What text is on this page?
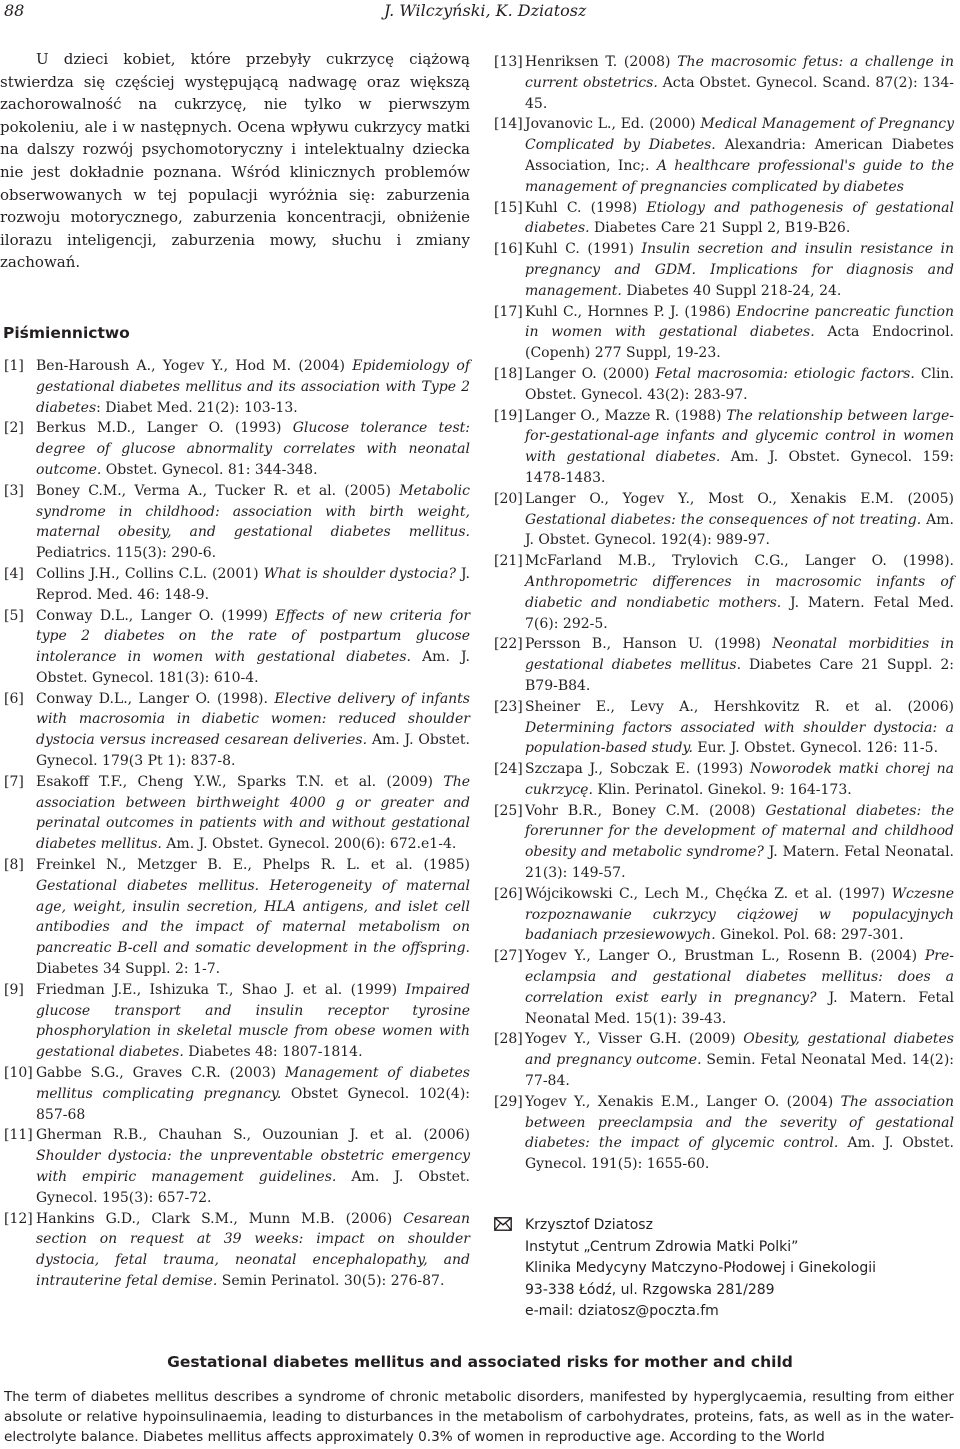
88	J. Wilczyński, K. Dziatosz

U dzieci kobiet, które przebyły cukrzycę ciążową stwierdza się częściej występującą nadwagę oraz większą zachorowalność na cukrzycę, nie tylko w pierwszym pokoleniu, ale i w następnych. Ocena wpływu cukrzycy matki na dalszy rozwój psychomotoryczny i intelektualny dziecka nie jest dokładnie poznana. Wśród klinicznych problemów obserwowanych w tej populacji wyróżnia się: zaburzenia rozwoju motorycznego, zaburzenia koncentracji, obniżenie ilorazu inteligencji, zaburzenia mowy, słuchu i zmiany zachowań.

Piśmiennictwo
[1] Ben-Haroush A., Yogev Y., Hod M. (2004) Epidemiology of gestational diabetes mellitus and its association with Type 2 diabetes: Diabet Med. 21(2): 103-13.
[2] Berkus M.D., Langer O. (1993) Glucose tolerance test: degree of glucose abnormality correlates with neonatal outcome. Obstet. Gynecol. 81: 344-348.
[3] Boney C.M., Verma A., Tucker R. et al. (2005) Metabolic syndrome in childhood: association with birth weight, maternal obesity, and gestational diabetes mellitus. Pediatrics. 115(3): 290-6.
[4] Collins J.H., Collins C.L. (2001) What is shoulder dystocia? J. Reprod. Med. 46: 148-9.
[5] Conway D.L., Langer O. (1999) Effects of new criteria for type 2 diabetes on the rate of postpartum glucose intolerance in women with gestational diabetes. Am. J. Obstet. Gynecol. 181(3): 610-4.
[6] Conway D.L., Langer O. (1998). Elective delivery of infants with macrosomia in diabetic women: reduced shoulder dystocia versus increased cesarean deliveries. Am. J. Obstet. Gynecol. 179(3 Pt 1): 837-8.
[7] Esakoff T.F., Cheng Y.W., Sparks T.N. et al. (2009) The association between birthweight 4000 g or greater and perinatal outcomes in patients with and without gestational diabetes mellitus. Am. J. Obstet. Gynecol. 200(6): 672.e1-4.
[8] Freinkel N., Metzger B. E., Phelps R. L. et al. (1985) Gestational diabetes mellitus. Heterogeneity of maternal age, weight, insulin secretion, HLA antigens, and islet cell antibodies and the impact of maternal metabolism on pancreatic B-cell and somatic development in the offspring. Diabetes 34 Suppl. 2: 1-7.
[9] Friedman J.E., Ishizuka T., Shao J. et al. (1999) Impaired glucose transport and insulin receptor tyrosine phosphorylation in skeletal muscle from obese women with gestational diabetes. Diabetes 48: 1807-1814.
[10] Gabbe S.G., Graves C.R. (2003) Management of diabetes mellitus complicating pregnancy. Obstet Gynecol. 102(4): 857-68
[11] Gherman R.B., Chauhan S., Ouzounian J. et al. (2006) Shoulder dystocia: the unpreventable obstetric emergency with empiric management guidelines. Am. J. Obstet. Gynecol. 195(3): 657-72.
[12] Hankins G.D., Clark S.M., Munn M.B. (2006) Cesarean section on request at 39 weeks: impact on shoulder dystocia, fetal trauma, neonatal encephalopathy, and intrauterine fetal demise. Semin Perinatol. 30(5): 276-87.
[13] Henriksen T. (2008) The macrosomic fetus: a challenge in current obstetrics. Acta Obstet. Gynecol. Scand. 87(2): 134-45.
[14] Jovanovic L., Ed. (2000) Medical Management of Pregnancy Complicated by Diabetes. Alexandria: American Diabetes Association, Inc;. A healthcare professional's guide to the management of pregnancies complicated by diabetes
[15] Kuhl C. (1998) Etiology and pathogenesis of gestational diabetes. Diabetes Care 21 Suppl 2, B19-B26.
[16] Kuhl C. (1991) Insulin secretion and insulin resistance in pregnancy and GDM. Implications for diagnosis and management. Diabetes 40 Suppl 218-24, 24.
[17] Kuhl C., Hornnes P. J. (1986) Endocrine pancreatic function in women with gestational diabetes. Acta Endocrinol. (Copenh) 277 Suppl, 19-23.
[18] Langer O. (2000) Fetal macrosomia: etiologic factors. Clin. Obstet. Gynecol. 43(2): 283-97.
[19] Langer O., Mazze R. (1988) The relationship between large-for-gestational-age infants and glycemic control in women with gestational diabetes. Am. J. Obstet. Gynecol. 159: 1478-1483.
[20] Langer O., Yogev Y., Most O., Xenakis E.M. (2005) Gestational diabetes: the consequences of not treating. Am. J. Obstet. Gynecol. 192(4): 989-97.
[21] McFarland M.B., Trylovich C.G., Langer O. (1998). Anthropometric differences in macrosomic infants of diabetic and nondiabetic mothers. J. Matern. Fetal Med. 7(6): 292-5.
[22] Persson B., Hanson U. (1998) Neonatal morbidities in gestational diabetes mellitus. Diabetes Care 21 Suppl. 2: B79-B84.
[23] Sheiner E., Levy A., Hershkovitz R. et al. (2006) Determining factors associated with shoulder dystocia: a population-based study. Eur. J. Obstet. Gynecol. 126: 11-5.
[24] Szczapa J., Sobczak E. (1993) Noworodek matki chorej na cukrzycę. Klin. Perinatol. Ginekol. 9: 164-173.
[25] Vohr B.R., Boney C.M. (2008) Gestational diabetes: the forerunner for the development of maternal and childhood obesity and metabolic syndrome? J. Matern. Fetal Neonatal. 21(3): 149-57.
[26] Wójcikowski C., Lech M., Chęćka Z. et al. (1997) Wczesne rozpoznawanie cukrzycy ciążowej w populacyjnych badaniach przesiewowych. Ginekol. Pol. 68: 297-301.
[27] Yogev Y., Langer O., Brustman L., Rosenn B. (2004) Pre-eclampsia and gestational diabetes mellitus: does a correlation exist early in pregnancy? J. Matern. Fetal Neonatal Med. 15(1): 39-43.
[28] Yogev Y., Visser G.H. (2009) Obesity, gestational diabetes and pregnancy outcome. Semin. Fetal Neonatal Med. 14(2): 77-84.
[29] Yogev Y., Xenakis E.M., Langer O. (2004) The association between preeclampsia and the severity of gestational diabetes: the impact of glycemic control. Am. J. Obstet. Gynecol. 191(5): 1655-60.
Krzysztof Dziatosz
Instytut „Centrum Zdrowia Matki Polki”
Klinika Medycyny Matczyno-Płodowej i Ginekologii
93-338 Łódź, ul. Rzgowska 281/289
e-mail: dziatosz@poczta.fm
Gestational diabetes mellitus and associated risks for mother and child

The term of diabetes mellitus describes a syndrome of chronic metabolic disorders, manifested by hyperglycaemia, resulting from either absolute or relative hypoinsulinaemia, leading to disturbances in the metabolism of carbohydrates, proteins, fats, as well as in the water-electrolyte balance. Diabetes mellitus affects approximately 0.3% of women in reproductive age. According to the World
